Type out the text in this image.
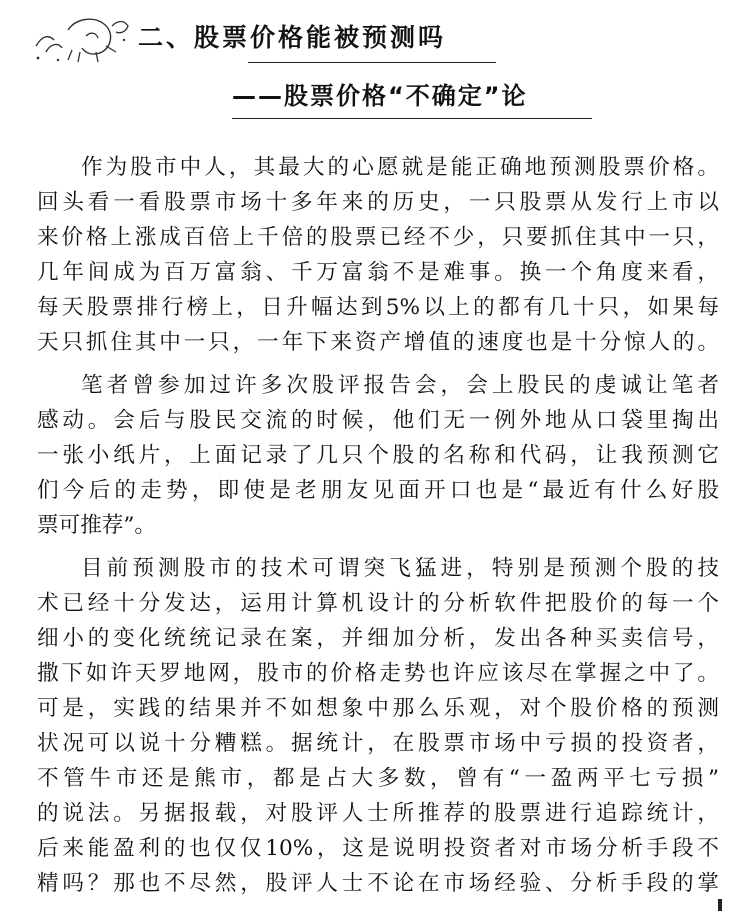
二、股票价格能被预测吗
——股票价格“不确定”论
作为股市中人，其最大的心愿就是能正确地预测股票价格。
回头看一看股票市场十多年来的历史，一只股票从发行上市以
来价格上涨成百倍上千倍的股票已经不少，只要抓住其中一只，
几年间成为百万富翁、千万富翁不是难事。换一个角度来看，
每天股票排行榜上，日升幅达到5%以上的都有几十只，如果每
天只抓住其中一只，一年下来资产增值的速度也是十分惊人的。
笔者曾参加过许多次股评报告会，会上股民的虔诚让笔者
感动。会后与股民交流的时候，他们无一例外地从口袋里掏出
一张小纸片，上面记录了几只个股的名称和代码，让我预测它
们今后的走势，即使是老朋友见面开口也是“最近有什么好股
票可推荐”。
目前预测股市的技术可谓突飞猛进，特别是预测个股的技
术已经十分发达，运用计算机设计的分析软件把股价的每一个
细小的变化统统记录在案，并细加分析，发出各种买卖信号，
撒下如许天罗地网，股市的价格走势也许应该尽在掌握之中了。
可是，实践的结果并不如想象中那么乐观，对个股价格的预测
状况可以说十分糟糕。据统计，在股票市场中亏损的投资者，
不管牛市还是熊市，都是占大多数，曾有“一盈两平七亏损”
的说法。另据报载，对股评人士所推荐的股票进行追踪统计，
后来能盈利的也仅仅10%，这是说明投资者对市场分析手段不
精吗？那也不尽然，股评人士不论在市场经验、分析手段的掌
